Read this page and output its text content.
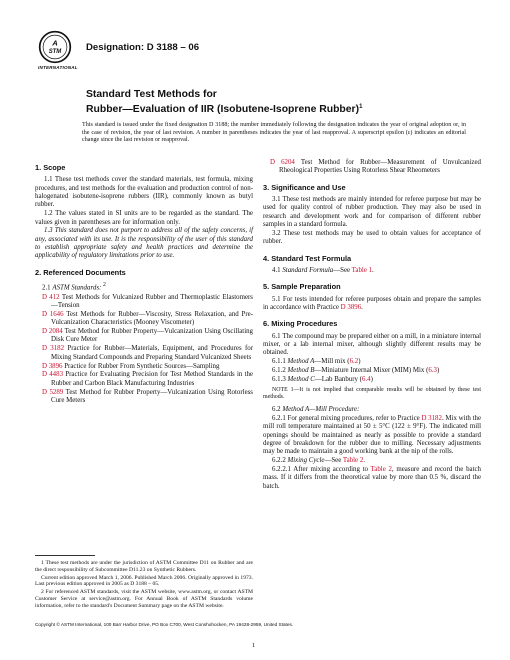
A
STM
INTERNATIONAL
Designation: D 3188 – 06
Standard Test Methods for
Rubber—Evaluation of IIR (Isobutene-Isoprene Rubber)$^1$
This standard is issued under the fixed designation D 3188; the number immediately following the designation indicates the year of original adoption or, in the case of revision, the year of last revision. A number in parentheses indicates the year of last reapproval. A superscript epsilon (ε) indicates an editorial change since the last revision or reapproval.
1. Scope

1.1 These test methods cover the standard materials, test formula, mixing procedures, and test methods for the evaluation and production control of non-halogenated isobutene-isoprene rubbers (IIR), commonly known as butyl rubber.

1.2 The values stated in SI units are to be regarded as the standard. The values given in parentheses are for information only.

1.3 This standard does not purport to address all of the safety concerns, if any, associated with its use. It is the responsibility of the user of this standard to establish appropriate safety and health practices and determine the applicability of regulatory limitations prior to use.

2. Referenced Documents

2.1 ASTM Standards: $^2$

D 412 Test Methods for Vulcanized Rubber and Thermoplastic Elastomers—Tension

D 1646 Test Methods for Rubber—Viscosity, Stress Relaxation, and Pre-Vulcanization Characteristics (Mooney Viscometer)

D 2084 Test Method for Rubber Property—Vulcanization Using Oscillating Disk Cure Meter

D 3182 Practice for Rubber—Materials, Equipment, and Procedures for Mixing Standard Compounds and Preparing Standard Vulcanized Sheets

D 3896 Practice for Rubber From Synthetic Sources—Sampling

D 4483 Practice for Evaluating Precision for Test Method Standards in the Rubber and Carbon Black Manufacturing Industries

D 5289 Test Method for Rubber Property—Vulcanization Using Rotorless Cure Meters

D 6204 Test Method for Rubber—Measurement of Unvulcanized Rheological Properties Using Rotorless Shear Rheometers

3. Significance and Use

3.1 These test methods are mainly intended for referee purpose but may be used for quality control of rubber production. They may also be used in research and development work and for comparison of different rubber samples in a standard formula.

3.2 These test methods may be used to obtain values for acceptance of rubber.

4. Standard Test Formula

4.1 Standard Formula—See Table 1.

5. Sample Preparation

5.1 For tests intended for referee purposes obtain and prepare the samples in accordance with Practice D 3896.

6. Mixing Procedures

6.1 The compound may be prepared either on a mill, in a miniature internal mixer, or a lab internal mixer, although slightly different results may be obtained.

6.1.1 Method A—Mill mix (6.2)

6.1.2 Method B—Miniature Internal Mixer (MIM) Mix (6.3)

6.1.3 Method C—Lab Banbury (6.4)

NOTE 1—It is not implied that comparable results will be obtained by these test methods.

6.2 Method A—Mill Procedure:

6.2.1 For general mixing procedures, refer to Practice D 3182. Mix with the mill roll temperature maintained at 50 ± 5°C (122 ± 9°F). The indicated mill openings should be maintained as nearly as possible to provide a standard degree of breakdown for the rubber due to milling. Necessary adjustments may be made to maintain a good working bank at the nip of the rolls.

6.2.2 Mixing Cycle—See Table 2.

6.2.2.1 After mixing according to Table 2, measure and record the batch mass. If it differs from the theoretical value by more than 0.5 %, discard the batch.

1 These test methods are under the jurisdiction of ASTM Committee D11 on Rubber and are the direct responsibility of Subcommittee D11.23 on Synthetic Rubbers.

Current edition approved March 1, 2006. Published March 2006. Originally approved in 1973. Last previous edition approved in 2005 as D 3188 – 05.

2 For referenced ASTM standards, visit the ASTM website, www.astm.org, or contact ASTM Customer Service at service@astm.org. For Annual Book of ASTM Standards volume information, refer to the standard's Document Summary page on the ASTM website.

Copyright © ASTM International, 100 Barr Harbor Drive, PO Box C700, West Conshohocken, PA 19428-2959, United States.
1
